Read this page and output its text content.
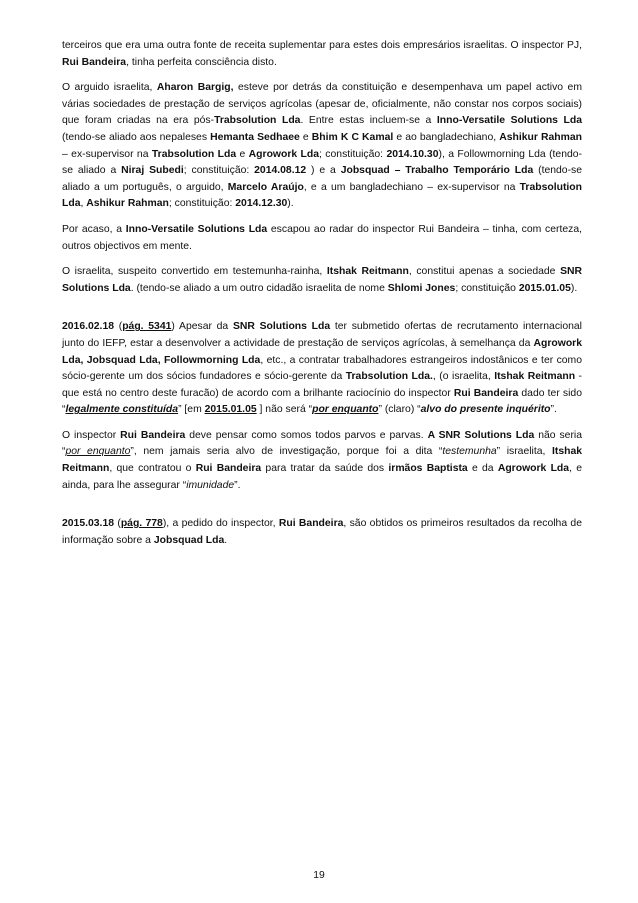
terceiros que era uma outra fonte de receita suplementar para estes dois empresários israelitas. O inspector PJ, Rui Bandeira, tinha perfeita consciência disto.

O arguido israelita, Aharon Bargig, esteve por detrás da constituição e desempenhava um papel activo em várias sociedades de prestação de serviços agrícolas (apesar de, oficialmente, não constar nos corpos sociais) que foram criadas na era pós-Trabsolution Lda. Entre estas incluem-se a Inno-Versatile Solutions Lda (tendo-se aliado aos nepaleses Hemanta Sedhaee e Bhim K C Kamal e ao bangladechiano, Ashikur Rahman – ex-supervisor na Trabsolution Lda e Agrowork Lda; constituição: 2014.10.30), a Followmorning Lda (tendo-se aliado a Niraj Subedi; constituição: 2014.08.12 ) e a Jobsquad – Trabalho Temporário Lda (tendo-se aliado a um português, o arguido, Marcelo Araújo, e a um bangladechiano – ex-supervisor na Trabsolution Lda, Ashikur Rahman; constituição: 2014.12.30).

Por acaso, a Inno-Versatile Solutions Lda escapou ao radar do inspector Rui Bandeira – tinha, com certeza, outros objectivos em mente.

O israelita, suspeito convertido em testemunha-rainha, Itshak Reitmann, constitui apenas a sociedade SNR Solutions Lda. (tendo-se aliado a um outro cidadão israelita de nome Shlomi Jones; constituição 2015.01.05).

2016.02.18 (pág. 5341) Apesar da SNR Solutions Lda ter submetido ofertas de recrutamento internacional junto do IEFP, estar a desenvolver a actividade de prestação de serviços agrícolas, à semelhança da Agrowork Lda, Jobsquad Lda, Followmorning Lda, etc., a contratar trabalhadores estrangeiros indostânicos e ter como sócio-gerente um dos sócios fundadores e sócio-gerente da Trabsolution Lda., (o israelita, Itshak Reitmann - que está no centro deste furacão) de acordo com a brilhante raciocínio do inspector Rui Bandeira dado ter sido “legalmente constituída” [em 2015.01.05 ] não será “por enquanto” (claro) “alvo do presente inquérito”.

O inspector Rui Bandeira deve pensar como somos todos parvos e parvas. A SNR Solutions Lda não seria “por enquanto”, nem jamais seria alvo de investigação, porque foi a dita “testemunha” israelita, Itshak Reitmann, que contratou o Rui Bandeira para tratar da saúde dos irmãos Baptista e da Agrowork Lda, e ainda, para lhe assegurar “imunidade”.

2015.03.18 (pág. 778), a pedido do inspector, Rui Bandeira, são obtidos os primeiros resultados da recolha de informação sobre a Jobsquad Lda.

19
